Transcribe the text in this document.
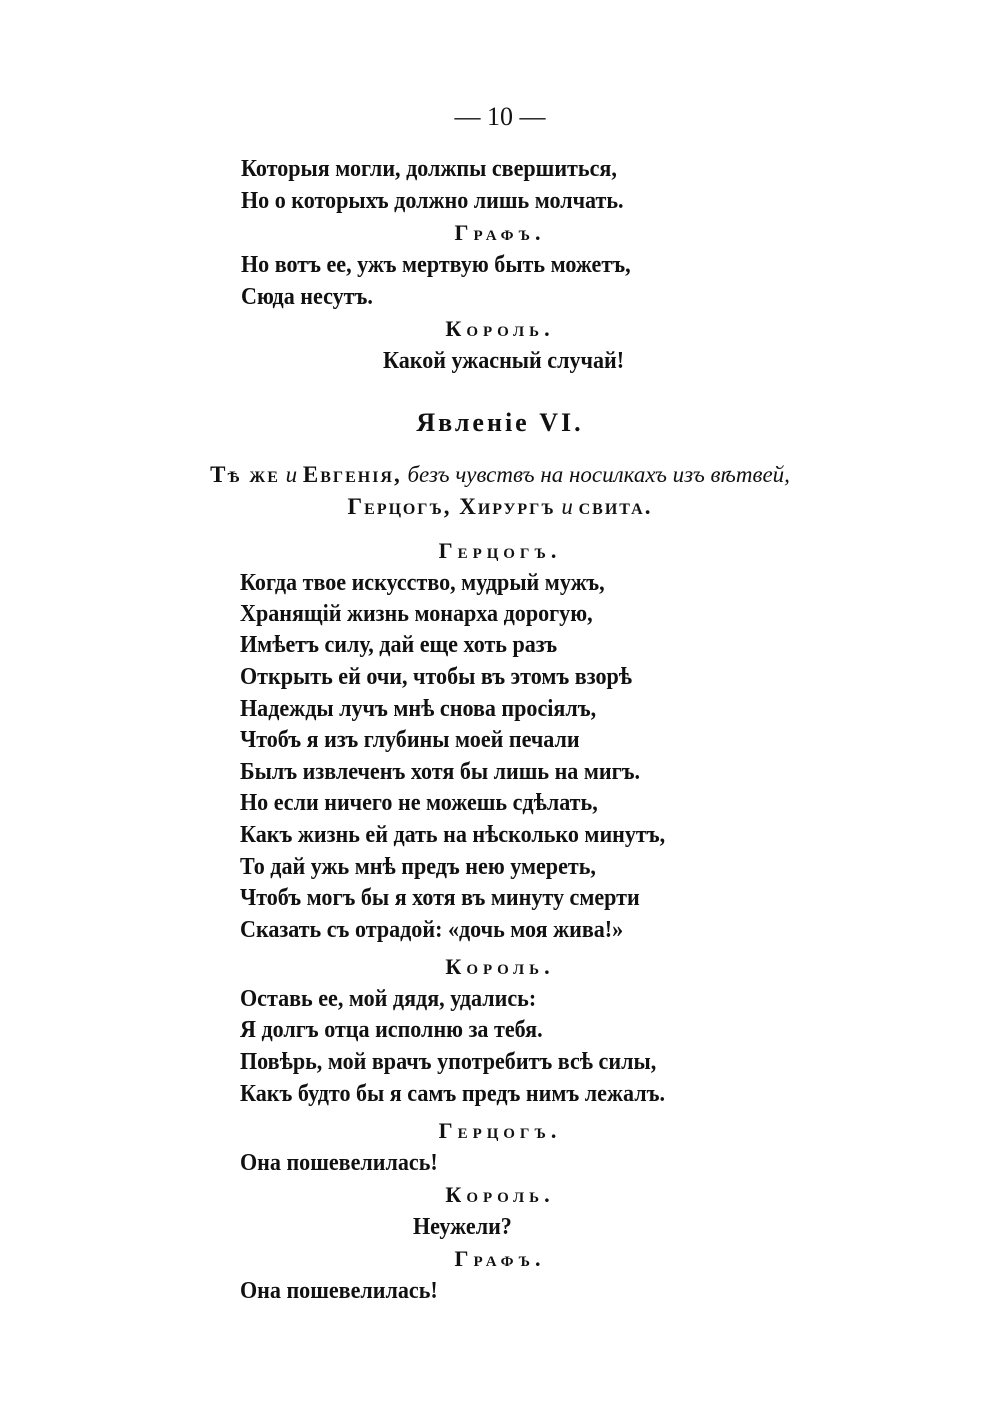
— 10 —
Которыя могли, должпы свершиться,
Но о которыхъ должно лишь молчать.
Графъ.
Но вотъ ее, ужъ мертвую быть можетъ,
Сюда несутъ.
Король.
Какой ужасный случай!
Явленіе VI.
Тѣ же и Евгенія, безъ чувствъ на носилкахъ изъ вѣтвей,
Герцогъ, Хирургъ и свита.
Герцогъ.
Когда твое искусство, мудрый мужъ,
Хранящій жизнь монарха дорогую,
Имѣетъ силу, дай еще хоть разъ
Открыть ей очи, чтобы въ этомъ взорѣ
Надежды лучъ мнѣ снова просіялъ,
Чтобъ я изъ глубины моей печали
Былъ извлеченъ хотя бы лишь на мигъ.
Но если ничего не можешь сдѣлать,
Какъ жизнь ей дать на нѣсколько минутъ,
То дай ужь мнѣ предъ нею умереть,
Чтобъ могъ бы я хотя въ минуту смерти
Сказать съ отрадой: «дочь моя жива!»
Король.
Оставь ее, мой дядя, удались:
Я долгъ отца исполню за тебя.
Повѣрь, мой врачъ употребитъ всѣ силы,
Какъ будто бы я самъ предъ нимъ лежалъ.
Герцогъ.
Она пошевелилась!
Король.
Неужели?
Графъ.
Она пошевелилась!
